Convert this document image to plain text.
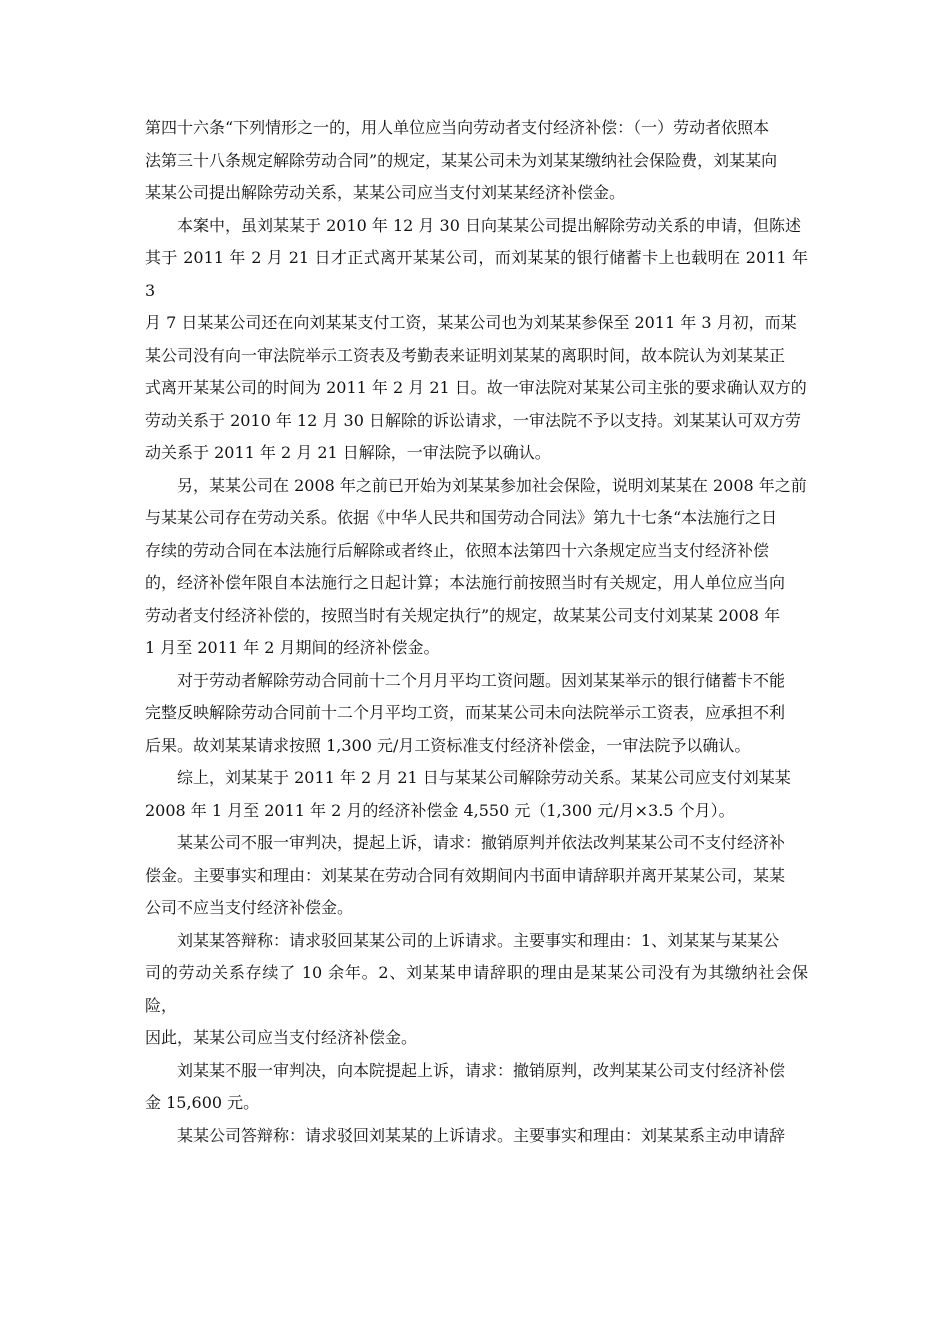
第四十六条“下列情形之一的，用人单位应当向劳动者支付经济补偿：（一）劳动者依照本
法第三十八条规定解除劳动合同”的规定，某某公司未为刘某某缴纳社会保险费，刘某某向
某某公司提出解除劳动关系，某某公司应当支付刘某某经济补偿金。
本案中，虽刘某某于 2010 年 12 月 30 日向某某公司提出解除劳动关系的申请，但陈述
其于 2011 年 2 月 21 日才正式离开某某公司，而刘某某的银行储蓄卡上也载明在 2011 年 3
月 7 日某某公司还在向刘某某支付工资，某某公司也为刘某某参保至 2011 年 3 月初，而某
某公司没有向一审法院举示工资表及考勤表来证明刘某某的离职时间，故本院认为刘某某正
式离开某某公司的时间为 2011 年 2 月 21 日。故一审法院对某某公司主张的要求确认双方的
劳动关系于 2010 年 12 月 30 日解除的诉讼请求，一审法院不予以支持。刘某某认可双方劳
动关系于 2011 年 2 月 21 日解除，一审法院予以确认。
另，某某公司在 2008 年之前已开始为刘某某参加社会保险，说明刘某某在 2008 年之前
与某某公司存在劳动关系。依据《中华人民共和国劳动合同法》第九十七条“本法施行之日
存续的劳动合同在本法施行后解除或者终止，依照本法第四十六条规定应当支付经济补偿
的，经济补偿年限自本法施行之日起计算；本法施行前按照当时有关规定，用人单位应当向
劳动者支付经济补偿的，按照当时有关规定执行”的规定，故某某公司支付刘某某 2008 年
1 月至 2011 年 2 月期间的经济补偿金。
对于劳动者解除劳动合同前十二个月月平均工资问题。因刘某某举示的银行储蓄卡不能
完整反映解除劳动合同前十二个月平均工资，而某某公司未向法院举示工资表，应承担不利
后果。故刘某某请求按照 1,300 元/月工资标准支付经济补偿金，一审法院予以确认。
综上，刘某某于 2011 年 2 月 21 日与某某公司解除劳动关系。某某公司应支付刘某某
2008 年 1 月至 2011 年 2 月的经济补偿金 4,550 元（1,300 元/月×3.5 个月）。
某某公司不服一审判决，提起上诉，请求：撤销原判并依法改判某某公司不支付经济补
偿金。主要事实和理由：刘某某在劳动合同有效期间内书面申请辞职并离开某某公司，某某
公司不应当支付经济补偿金。
刘某某答辩称：请求驳回某某公司的上诉请求。主要事实和理由：1、刘某某与某某公
司的劳动关系存续了 10 余年。2、刘某某申请辞职的理由是某某公司没有为其缴纳社会保险，
因此，某某公司应当支付经济补偿金。
刘某某不服一审判决，向本院提起上诉，请求：撤销原判，改判某某公司支付经济补偿
金 15,600 元。
某某公司答辩称：请求驳回刘某某的上诉请求。主要事实和理由：刘某某系主动申请辞
